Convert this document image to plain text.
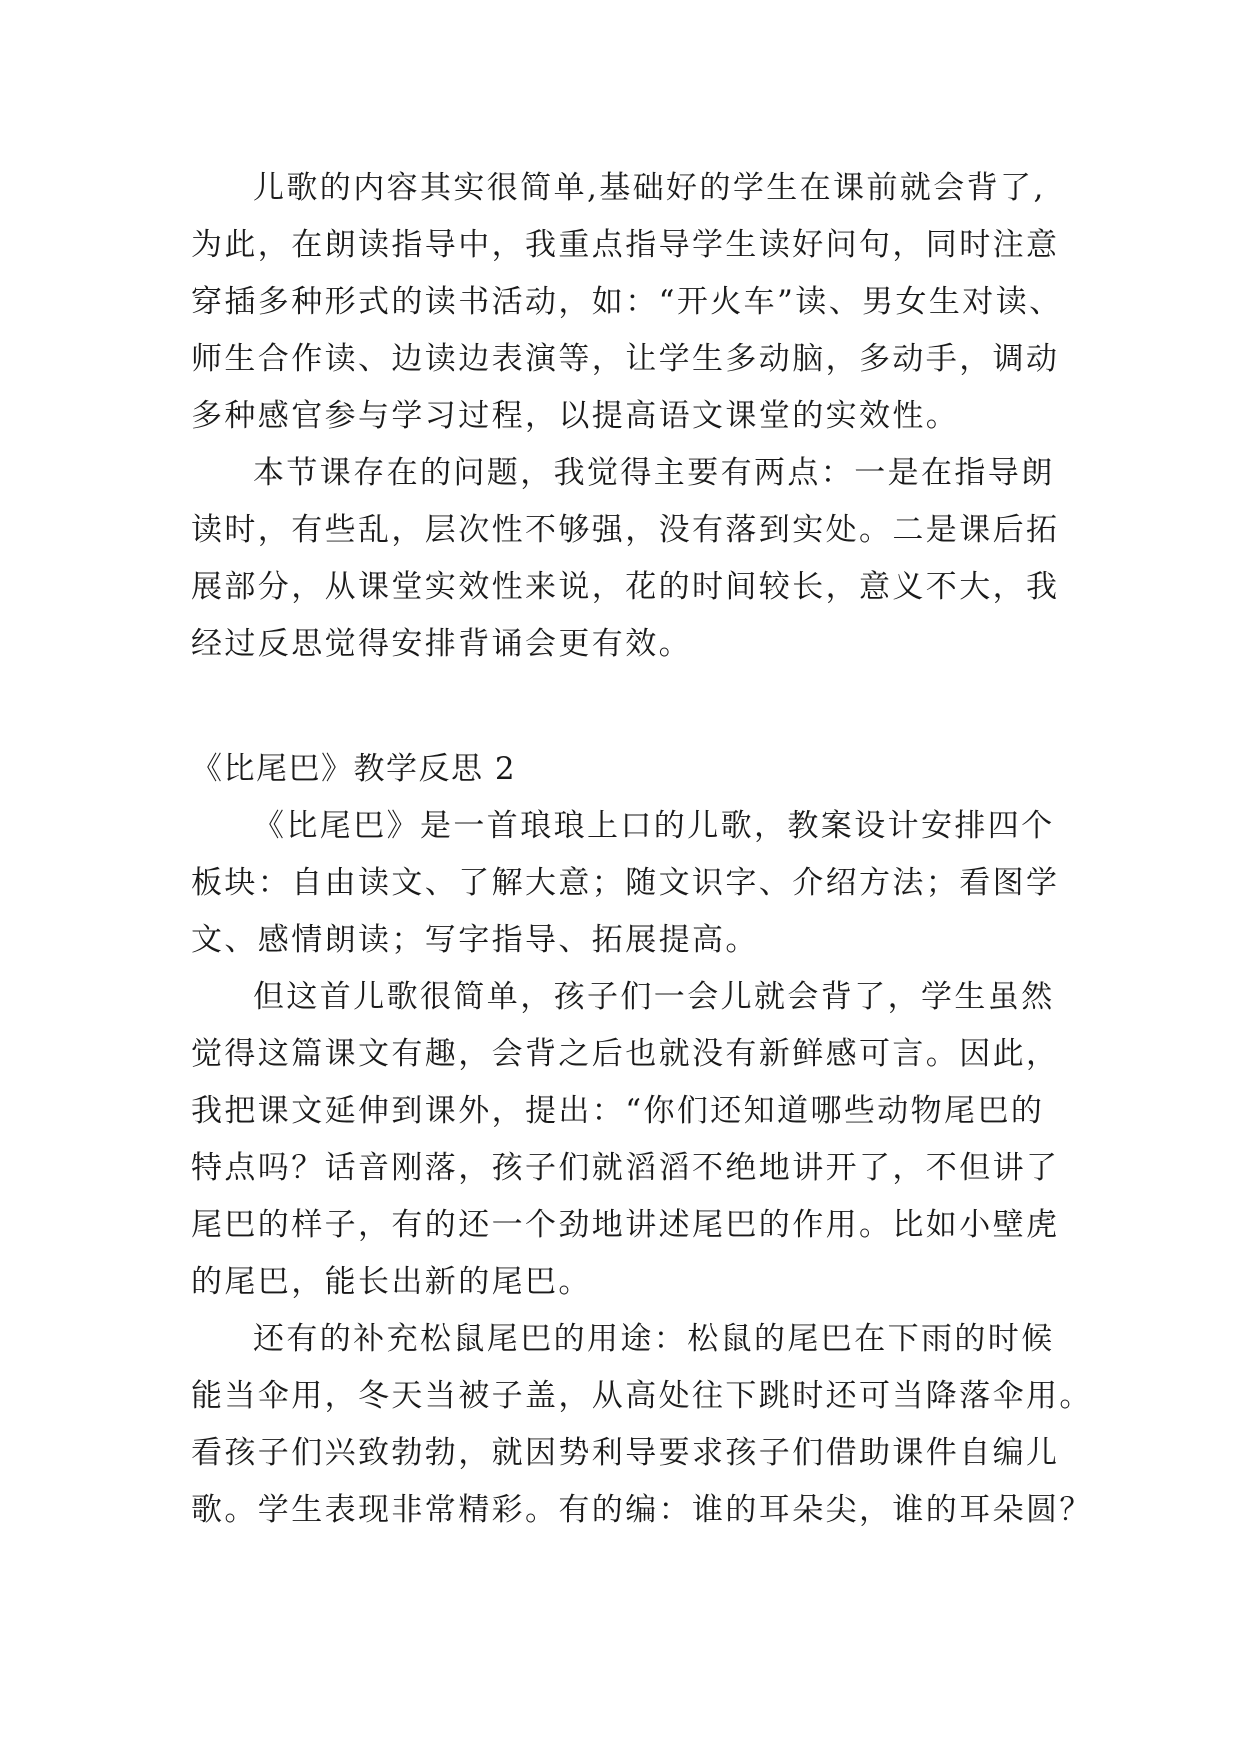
儿歌的内容其实很简单,基础好的学生在课前就会背了,
为此，在朗读指导中，我重点指导学生读好问句，同时注意
穿插多种形式的读书活动，如：“开火车”读、男女生对读、
师生合作读、边读边表演等，让学生多动脑，多动手，调动
多种感官参与学习过程，以提高语文课堂的实效性。
本节课存在的问题，我觉得主要有两点：一是在指导朗
读时，有些乱，层次性不够强，没有落到实处。二是课后拓
展部分，从课堂实效性来说，花的时间较长，意义不大，我
经过反思觉得安排背诵会更有效。
《比尾巴》教学反思 2
《比尾巴》是一首琅琅上口的儿歌，教案设计安排四个
板块：自由读文、了解大意；随文识字、介绍方法；看图学
文、感情朗读；写字指导、拓展提高。
但这首儿歌很简单，孩子们一会儿就会背了，学生虽然
觉得这篇课文有趣，会背之后也就没有新鲜感可言。因此，
我把课文延伸到课外，提出：“你们还知道哪些动物尾巴的
特点吗？话音刚落，孩子们就滔滔不绝地讲开了，不但讲了
尾巴的样子，有的还一个劲地讲述尾巴的作用。比如小壁虎
的尾巴，能长出新的尾巴。
还有的补充松鼠尾巴的用途：松鼠的尾巴在下雨的时候
能当伞用，冬天当被子盖，从高处往下跳时还可当降落伞用。
看孩子们兴致勃勃，就因势利导要求孩子们借助课件自编儿
歌。学生表现非常精彩。有的编：谁的耳朵尖，谁的耳朵圆？
